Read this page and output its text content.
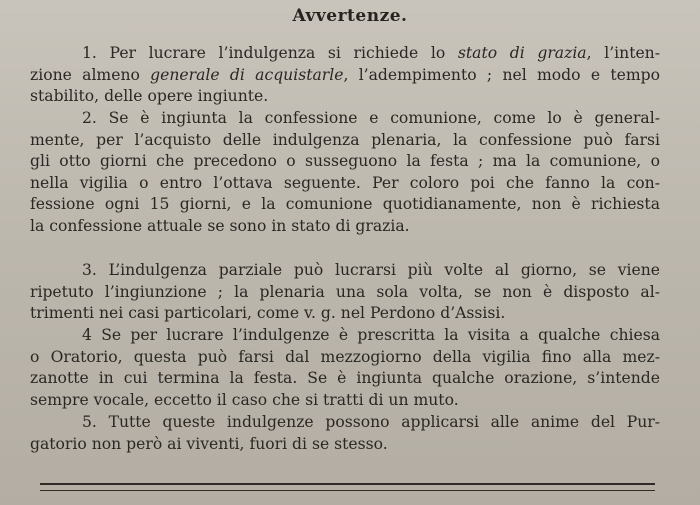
Avvertenze.
1. Per lucrare l’indulgenza si richiede lo stato di grazia, l’inten-
zione almeno generale di acquistarle, l’adempimento ; nel modo e tempo
stabilito, delle opere ingiunte.
2. Se è ingiunta la confessione e comunione, come lo è general-
mente, per l’acquisto delle indulgenza plenaria, la confessione può farsi
gli otto giorni che precedono o susseguono la festa ; ma la comunione, o
nella vigilia o entro l’ottava seguente. Per coloro poi che fanno la con-
fessione ogni 15 giorni, e la comunione quotidianamente, non è richiesta
la confessione attuale se sono in stato di grazia.
3. L’indulgenza parziale può lucrarsi più volte al giorno, se viene
ripetuto l’ingiunzione ; la plenaria una sola volta, se non è disposto al-
trimenti nei casi particolari, come v. g. nel Perdono d’Assisi.
4 Se per lucrare l’indulgenze è prescritta la visita a qualche chiesa
o Oratorio, questa può farsi dal mezzogiorno della vigilia fino alla mez-
zanotte in cui termina la festa. Se è ingiunta qualche orazione, s’intende
sempre vocale, eccetto il caso che si tratti di un muto.
5. Tutte queste indulgenze possono applicarsi alle anime del Pur-
gatorio non però ai viventi, fuori di se stesso.
